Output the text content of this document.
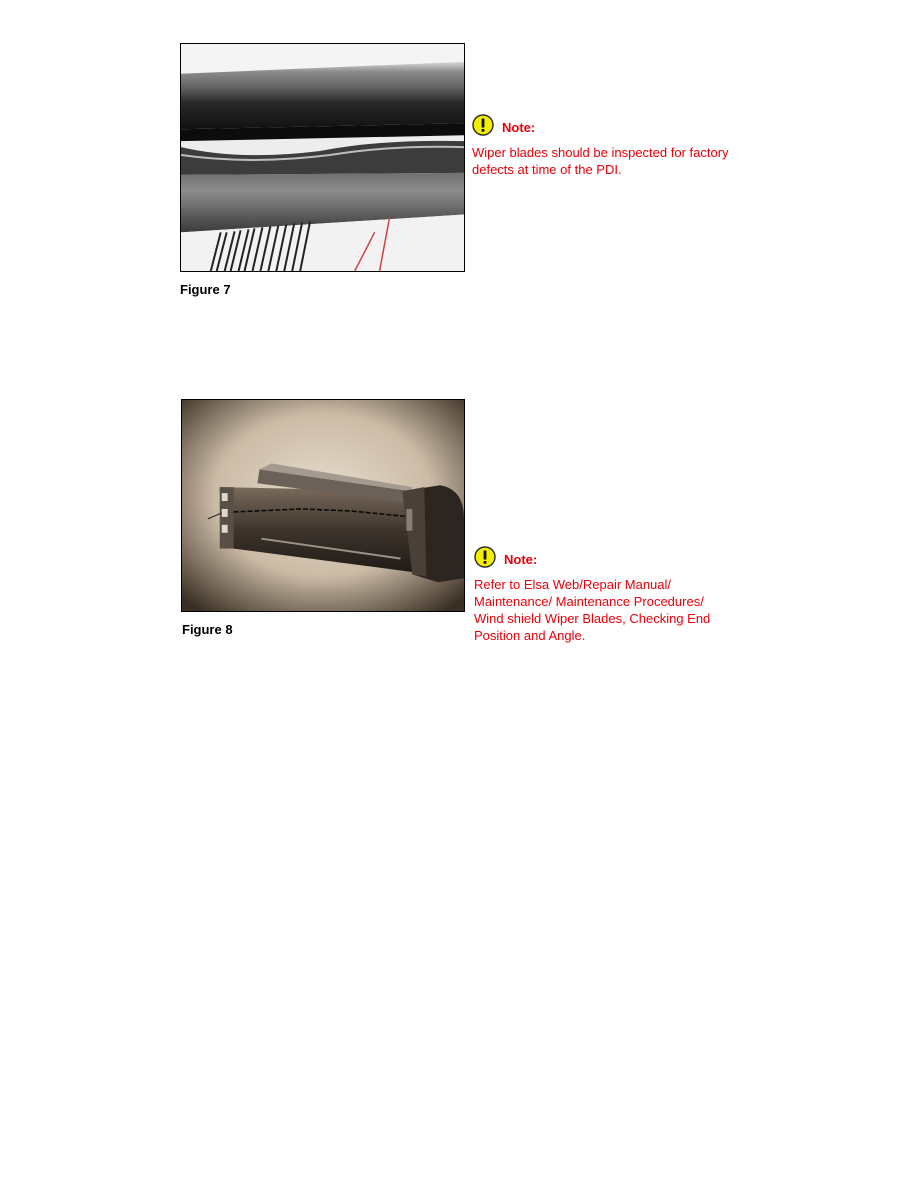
Figure 7
Note:
Wiper blades should be inspected for factory
defects at time of the PDI.
Figure 8
Note:
Refer to Elsa Web/Repair Manual/
Maintenance/ Maintenance Procedures/
Wind shield Wiper Blades, Checking End
Position and Angle.
